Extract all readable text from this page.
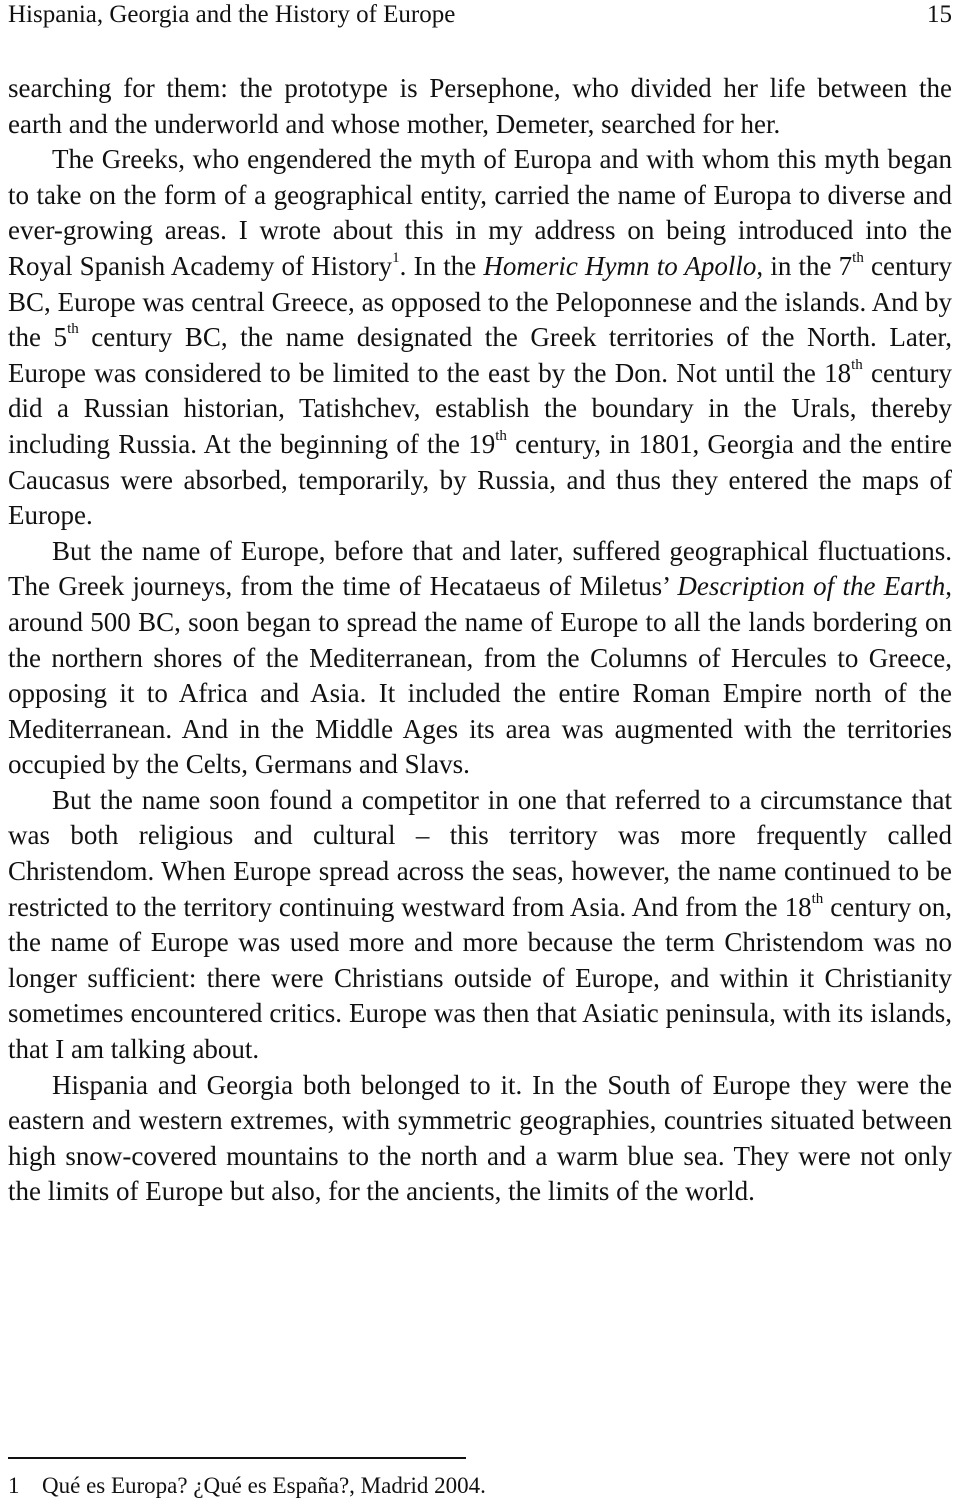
Hispania, Georgia and the History of Europe	15

searching for them: the prototype is Persephone, who divided her life between the earth and the underworld and whose mother, Demeter, searched for her.

The Greeks, who engendered the myth of Europa and with whom this myth began to take on the form of a geographical entity, carried the name of Europa to diverse and ever-growing areas. I wrote about this in my address on being introduced into the Royal Spanish Academy of History$^1$. In the Homeric Hymn to Apollo, in the 7th century BC, Europe was central Greece, as opposed to the Peloponnese and the islands. And by the 5th century BC, the name designated the Greek territories of the North. Later, Europe was considered to be limited to the east by the Don. Not until the 18th century did a Russian historian, Tatishchev, establish the boundary in the Urals, thereby including Russia. At the beginning of the 19th century, in 1801, Georgia and the entire Caucasus were absorbed, temporarily, by Russia, and thus they entered the maps of Europe.

But the name of Europe, before that and later, suffered geographical fluctuations. The Greek journeys, from the time of Hecataeus of Miletus’ Description of the Earth, around 500 BC, soon began to spread the name of Europe to all the lands bordering on the northern shores of the Mediterranean, from the Columns of Hercules to Greece, opposing it to Africa and Asia. It included the entire Roman Empire north of the Mediterranean. And in the Middle Ages its area was augmented with the territories occupied by the Celts, Germans and Slavs.

But the name soon found a competitor in one that referred to a circumstance that was both religious and cultural – this territory was more frequently called Christendom. When Europe spread across the seas, however, the name continued to be restricted to the territory continuing westward from Asia. And from the 18th century on, the name of Europe was used more and more because the term Christendom was no longer sufficient: there were Christians outside of Europe, and within it Christianity sometimes encountered critics. Europe was then that Asiatic peninsula, with its islands, that I am talking about.

Hispania and Georgia both belonged to it. In the South of Europe they were the eastern and western extremes, with symmetric geographies, countries situated between high snow-covered mountains to the north and a warm blue sea. They were not only the limits of Europe but also, for the ancients, the limits of the world.

1 Qué es Europa? ¿Qué es España?, Madrid 2004.
